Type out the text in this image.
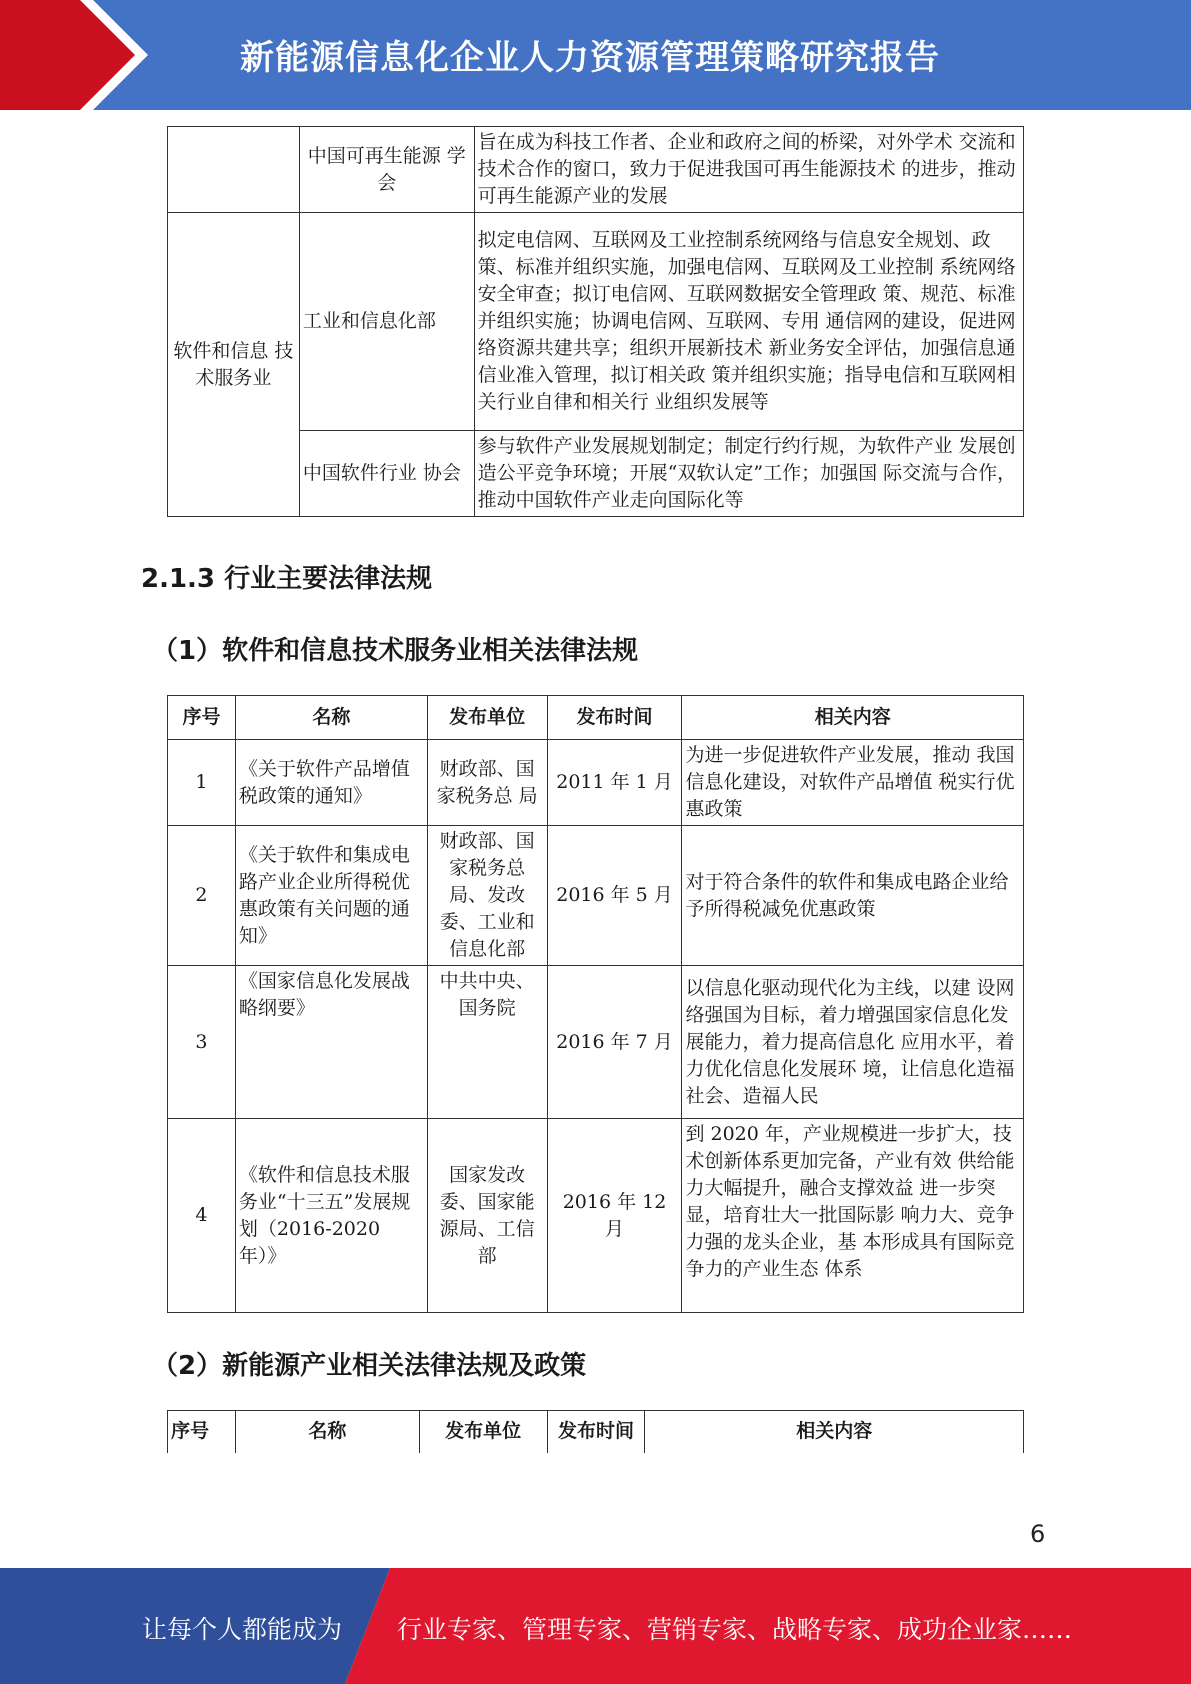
新能源信息化企业人力资源管理策略研究报告
	中国可再生能源 学会	旨在成为科技工作者、企业和政府之间的桥梁，对外学术 交流和技术合作的窗口，致力于促进我国可再生能源技术 的进步，推动可再生能源产业的发展
软件和信息 技术服务业	工业和信息化部	拟定电信网、互联网及工业控制系统网络与信息安全规划、政策、标准并组织实施，加强电信网、互联网及工业控制 系统网络安全审查；拟订电信网、互联网数据安全管理政 策、规范、标准并组织实施；协调电信网、互联网、专用 通信网的建设，促进网络资源共建共享；组织开展新技术 新业务安全评估，加强信息通信业准入管理，拟订相关政 策并组织实施；指导电信和互联网相关行业自律和相关行 业组织发展等
	中国软件行业 协会	参与软件产业发展规划制定；制定行约行规，为软件产业 发展创造公平竞争环境；开展“双软认定”工作；加强国 际交流与合作，推动中国软件产业走向国际化等
2.1.3 行业主要法律法规
（1）软件和信息技术服务业相关法律法规
序号	名称	发布单位	发布时间	相关内容
1	《关于软件产品增值税政策的通知》	财政部、国家税务总 局	2011 年 1 月	为进一步促进软件产业发展，推动 我国信息化建设，对软件产品增值 税实行优惠政策
2	《关于软件和集成电路产业企业所得税优惠政策有关问题的通知》	财政部、国家税务总局、发改委、工业和信息化部	2016 年 5 月	对于符合条件的软件和集成电路企业给予所得税减免优惠政策
3	《国家信息化发展战略纲要》	中共中央、国务院	2016 年 7 月	以信息化驱动现代化为主线，以建 设网络强国为目标，着力增强国家信息化发展能力，着力提高信息化 应用水平，着力优化信息化发展环 境，让信息化造福社会、造福人民
4	《软件和信息技术服务业“十三五”发展规划（2016-2020 年）》	国家发改委、国家能源局、工信部	2016 年 12 月	到 2020 年，产业规模进一步扩大，技术创新体系更加完备，产业有效 供给能力大幅提升，融合支撑效益 进一步突显，培育壮大一批国际影 响力大、竞争力强的龙头企业，基 本形成具有国际竞争力的产业生态 体系
（2）新能源产业相关法律法规及政策
序号	名称	发布单位	发布时间	相关内容
6
让每个人都能成为 行业专家、管理专家、营销专家、战略专家、成功企业家……
